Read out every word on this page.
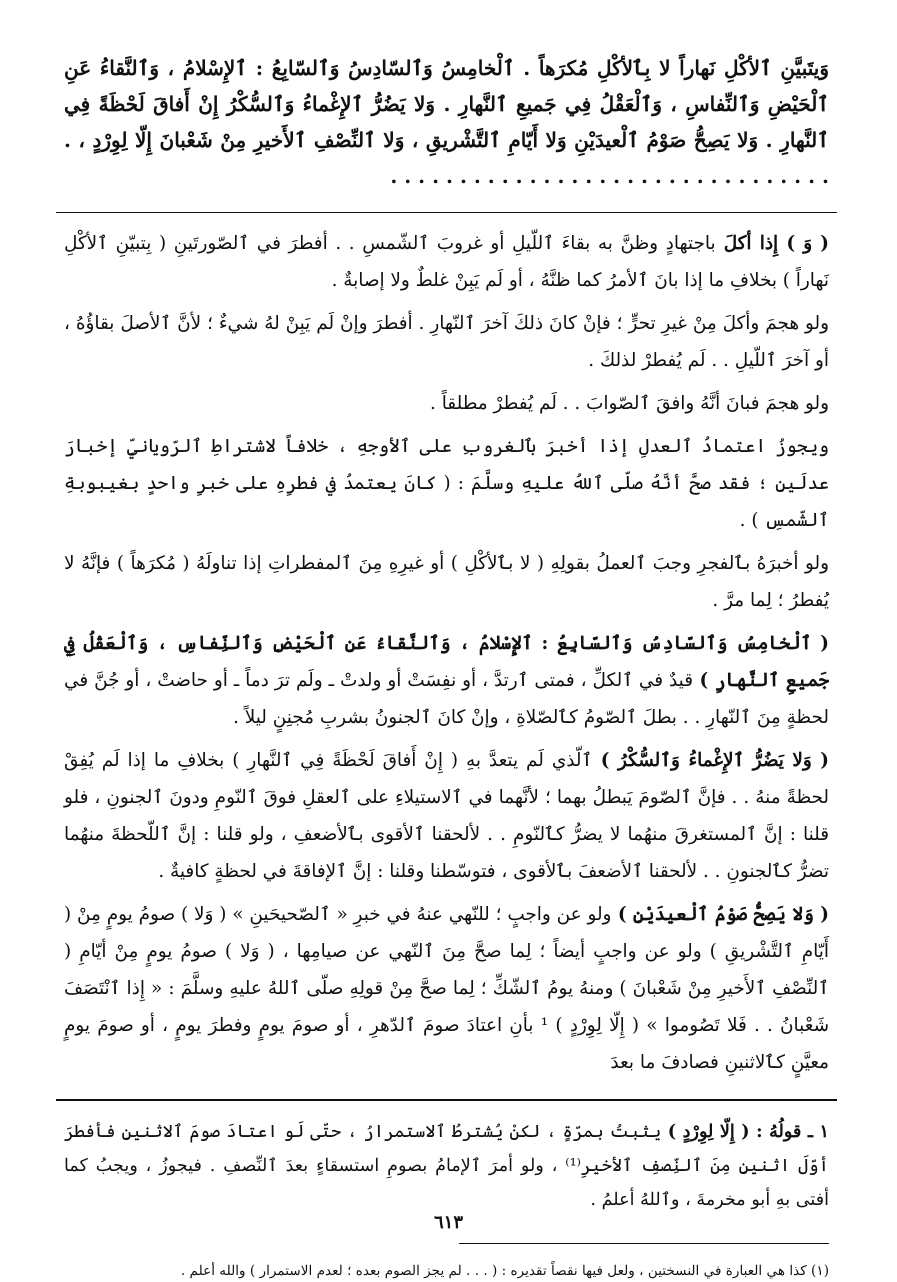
وَيتَبيَّنِ ٱلأكْلِ نَهاراً لا بِٱلأكْلِ مُكرَهاً . ٱلْخامِسُ وَٱلسّادِسُ وَٱلسّابِعُ : ٱلإِسْلامُ ، وَٱلنَّقاءُ عَنِ ٱلْحَيْضِ وَٱلنِّفاسِ ، وَٱلْعَقْلُ فِي جَميعِ ٱلنَّهارِ . وَلا يَضُرُّ ٱلإِغْماءُ وَٱلسُّكْرُ إِنْ أَفاقَ لَحْظَةً فِي ٱلنَّهارِ . وَلا يَصِحُّ صَوْمُ ٱلْعيدَيْنِ وَلا أَيّامِ ٱلتَّشْريقِ ، وَلا ٱلنِّصْفِ ٱلأَخيرِ مِنْ شَعْبانَ إِلّا لِوِرْدٍ ، . . . . . . . . . . . . . . . . . . . . . . . . . . . . . . . . .

( وَ ) إِذا أكلَ باجتهادٍ وظنَّ به بقاءَ ٱللّيلِ أو غروبَ ٱلشّمسِ . . أفطرَ في ٱلصّورتَينِ ( بِتبيّنِ ٱلأكْلِ نَهاراً ) بخلافِ ما إذا بانَ ٱلأمرُ كما ظنَّهُ ، أو لَم يَبِنْ غلطٌ ولا إصابةٌ .

ولو هجمَ وأكلَ مِنْ غيرِ تحرٍّ ؛ فإنْ كانَ ذلكَ آخرَ ٱلنّهارِ . أفطرَ وإنْ لَم يَبِنْ لهُ شيءٌ ؛ لأنَّ ٱلأصلَ بقاؤُهُ ، أو آخرَ ٱللّيلِ . . لَم يُفطرْ لذلكَ .

ولو هجمَ فبانَ أنَّهُ وافقَ ٱلصّوابَ . . لَم يُفطرْ مطلقاً .

ويجوزُ اعتمادُ ٱلعدلِ إذا أخبرَ بٱلغروبِ على ٱلأوجهِ ، خلافاً لاشتراطِ ٱلرّويانيِّ إخبارَ عدلَينِ ؛ فقد صحَّ أنَّهُ صلّى ٱللهُ عليهِ وسلَّمَ : ( كانَ يعتمدُ في فطرِهِ على خبرِ واحدٍ بغيبوبةِ ٱلشّمسِ ) .

ولو أخبرَهُ بٱلفجرِ وجبَ ٱلعملُ بقولِهِ ( لا بٱلأكْلِ ) أو غيرِهِ مِنَ ٱلمفطراتِ إذا تناولَهُ ( مُكرَهاً ) فإنَّهُ لا يُفطرُ ؛ لِما مرَّ .

( ٱلْخامِسُ وَٱلسّادِسُ وَٱلسّابِعُ : ٱلإِسْلامُ ، وَٱلنَّقاءُ عَنِ ٱلْحَيْضِ وَٱلنِّفاسِ ، وَٱلْعَقْلُ فِي جَميعِ ٱلنَّهارِ ) قيدٌ في ٱلكلِّ ، فمتى ٱرتدَّ ، أو نفِسَتْ أو ولدتْ ـ ولَم ترَ دماً ـ أو حاضتْ ، أو جُنَّ في لحظةٍ مِنَ ٱلنّهارِ . . بطلَ ٱلصّومُ كٱلصّلاةِ ، وإنْ كانَ ٱلجنونُ بشربِ مُجنِنٍ ليلاً .

( وَلا يَضُرُّ ٱلإِغْماءُ وَٱلسُّكْرُ ) ٱلّذي لَم يتعدَّ بهِ ( إِنْ أَفاقَ لَحْظَةً فِي ٱلنَّهارِ ) بخلافِ ما إذا لَم يُفِقْ لحظةً منهُ . . فإنَّ ٱلصّومَ يَبطلُ بهما ؛ لأنَّهما في ٱلاستيلاءِ على ٱلعقلِ فوقَ ٱلنّومِ ودونَ ٱلجنونِ ، فلو قلنا : إنَّ ٱلمستغرقَ منهُما لا يضرُّ كٱلنّومِ . . لألحقنا ٱلأقوى بٱلأضعفِ ، ولو قلنا : إنَّ ٱللّحظةَ منهُما تضرُّ كٱلجنونِ . . لألحقنا ٱلأضعفَ بٱلأقوى ، فتوسّطنا وقلنا : إنَّ ٱلإفاقةَ في لحظةٍ كافيةٌ .

( وَلا يَصِحُّ صَوْمُ ٱلْعيدَيْنِ ) ولو عن واجبٍ ؛ للنّهي عنهُ في خبرِ « ٱلصّحيحَينِ » ( وَلا ) صومُ يومٍ مِنْ ( أَيّامِ ٱلتَّشْريقِ ) ولو عن واجبٍ أيضاً ؛ لِما صحَّ مِنَ ٱلنّهي عن صيامِها ، ( وَلا ) صومُ يومٍ مِنْ أيّامِ ( ٱلنِّصْفِ ٱلأَخيرِ مِنْ شَعْبانَ ) ومنهُ يومُ ٱلشّكِّ ؛ لِما صحَّ مِنْ قولِهِ صلّى ٱللهُ عليهِ وسلَّمَ : « إِذا ٱنْتَصَفَ شَعْبانُ . . فَلا تَصُوموا » ( إِلّا لِوِرْدٍ ) ¹ بأنِ اعتادَ صومَ ٱلدّهرِ ، أو صومَ يومٍ وفطرَ يومٍ ، أو صومَ يومٍ معيَّنٍ كٱلاثنينِ فصادفَ ما بعدَ

١ ـ قولُهُ : ( إِلّا لِوِرْدٍ ) يثبتُ بمرّةٍ ، لكنْ يُشترطُ ٱلاستمرارُ ، حتّى لَو اعتادَ صومَ ٱلاثنينِ فأفطرَ أوّلَ اثنينِ مِنَ ٱلنِّصفِ ٱلأخيرِ⁽¹⁾ ، ولو أمرَ ٱلإمامُ بصومِ استسقاءٍ بعدَ ٱلنِّصفِ . فيجوزُ ، ويجبُ كما أفتى بهِ أبو مخرمةَ ، وٱللهُ أعلمُ .
(١) كذا هي العبارة في النسختين ، ولعل فيها نقصاً تقديره : ( . . . لم يجز الصوم بعده ؛ لعدم الاستمرار ) والله أعلم .
٦١٣
